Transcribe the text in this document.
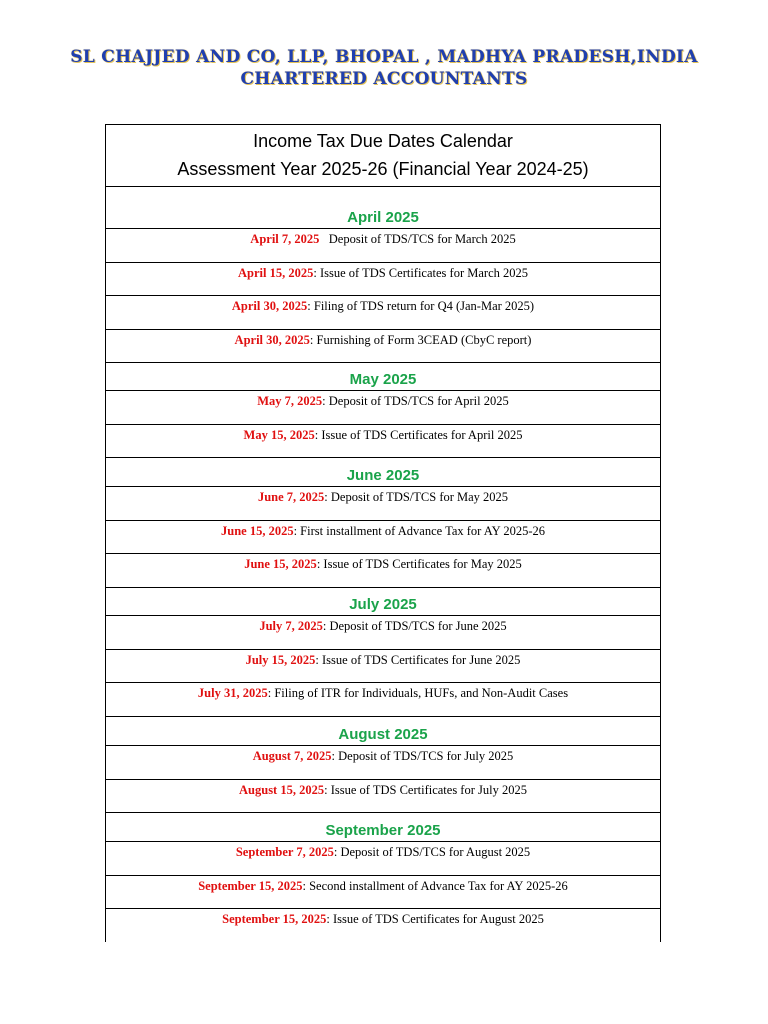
SL CHAJJED AND CO, LLP, BHOPAL , MADHYA PRADESH,INDIA
CHARTERED ACCOUNTANTS
Income Tax Due Dates Calendar
Assessment Year 2025-26 (Financial Year 2024-25)
April 2025
April 7, 2025   Deposit of TDS/TCS for March 2025
April 15, 2025: Issue of TDS Certificates for March 2025
April 30, 2025: Filing of TDS return for Q4 (Jan-Mar 2025)
April 30, 2025: Furnishing of Form 3CEAD (CbyC report)
May 2025
May 7, 2025: Deposit of TDS/TCS for April 2025
May 15, 2025: Issue of TDS Certificates for April 2025
June 2025
June 7, 2025: Deposit of TDS/TCS for May 2025
June 15, 2025: First installment of Advance Tax for AY 2025-26
June 15, 2025: Issue of TDS Certificates for May 2025
July 2025
July 7, 2025: Deposit of TDS/TCS for June 2025
July 15, 2025: Issue of TDS Certificates for June 2025
July 31, 2025: Filing of ITR for Individuals, HUFs, and Non-Audit Cases
August 2025
August 7, 2025: Deposit of TDS/TCS for July 2025
August 15, 2025: Issue of TDS Certificates for July 2025
September 2025
September 7, 2025: Deposit of TDS/TCS for August 2025
September 15, 2025: Second installment of Advance Tax for AY 2025-26
September 15, 2025: Issue of TDS Certificates for August 2025
